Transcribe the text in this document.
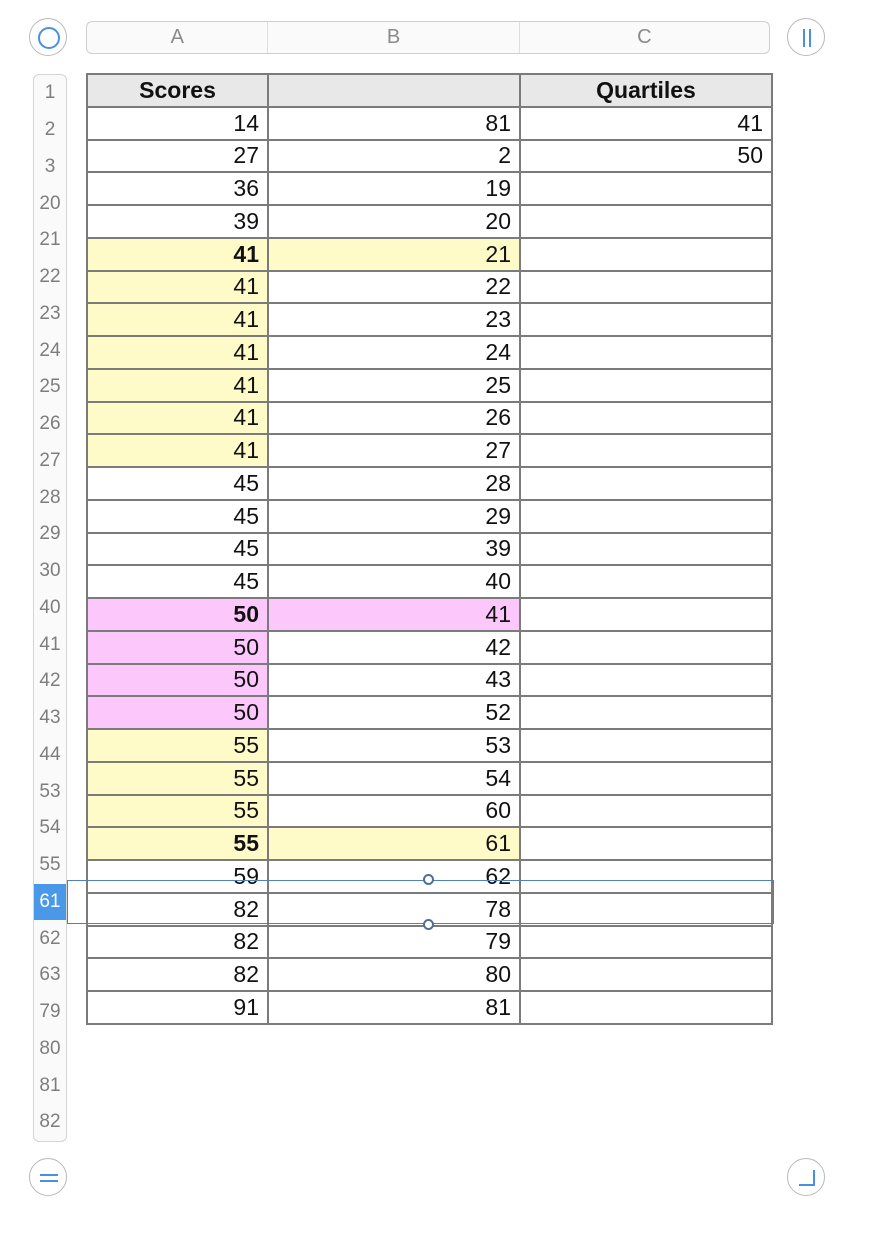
A	B	C
1
2
3
20
21
22
23
24
25
26
27
28
29
30
40
41
42
43
44
53
54
55
61
62
63
79
80
81
82
Scores		Quartiles
14	81	41
27	2	50
36	19	
39	20	
41	21	
41	22	
41	23	
41	24	
41	25	
41	26	
41	27	
45	28	
45	29	
45	39	
45	40	
50	41	
50	42	
50	43	
50	52	
55	53	
55	54	
55	60	
55	61	
59	62	
82	78	
82	79	
82	80	
91	81	
